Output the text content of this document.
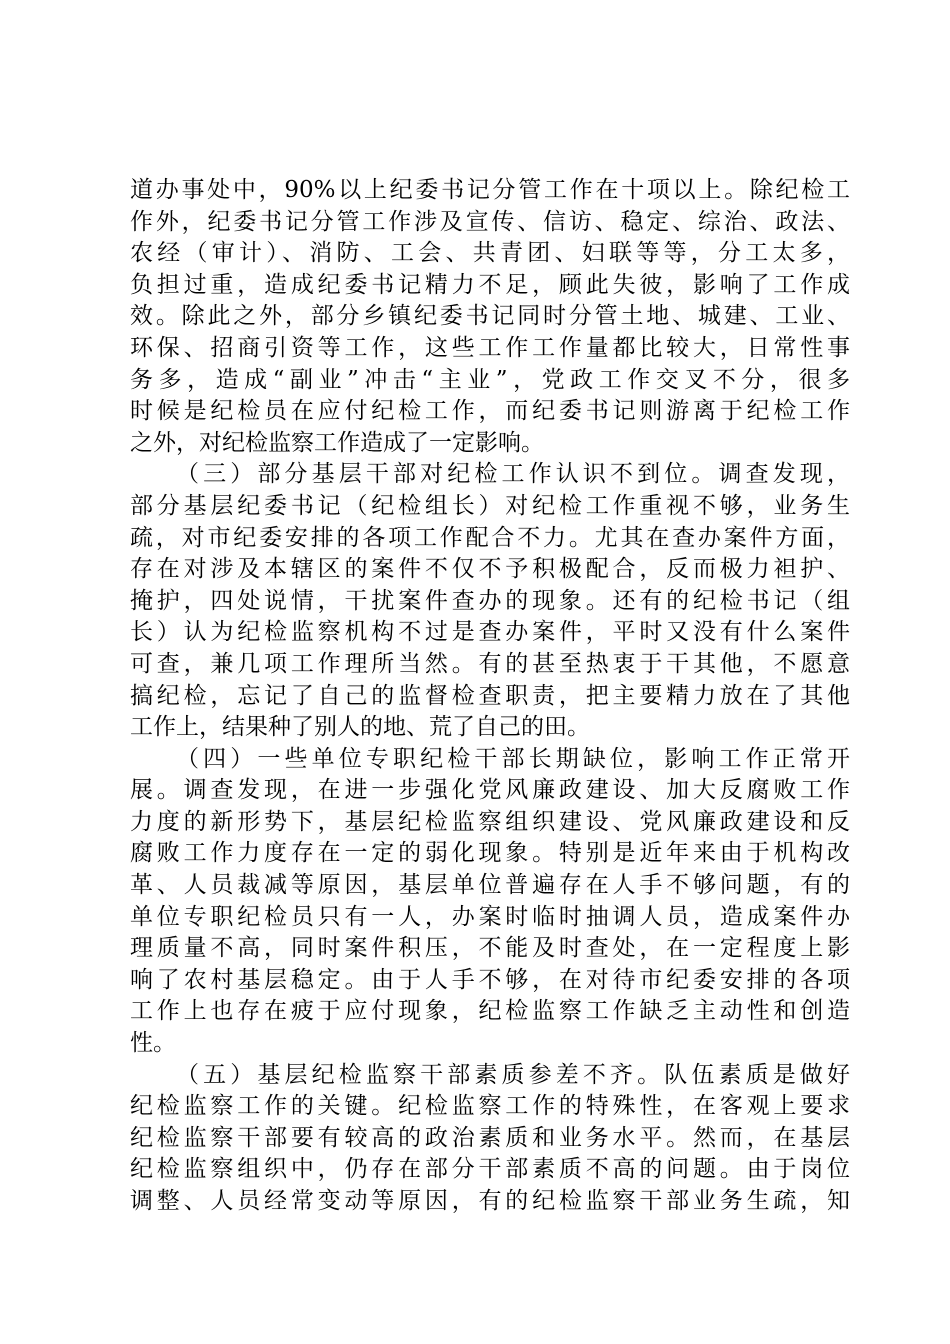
道办事处中，90%以上纪委书记分管工作在十项以上。除纪检工
作外，纪委书记分管工作涉及宣传、信访、稳定、综治、政法、
农经（审计）、消防、工会、共青团、妇联等等，分工太多，
负担过重，造成纪委书记精力不足，顾此失彼，影响了工作成
效。除此之外，部分乡镇纪委书记同时分管土地、城建、工业、
环保、招商引资等工作，这些工作工作量都比较大，日常性事
务多，造成“副业”冲击“主业”，党政工作交叉不分，很多
时候是纪检员在应付纪检工作，而纪委书记则游离于纪检工作
之外，对纪检监察工作造成了一定影响。
（三）部分基层干部对纪检工作认识不到位。调查发现，
部分基层纪委书记（纪检组长）对纪检工作重视不够，业务生
疏，对市纪委安排的各项工作配合不力。尤其在查办案件方面，
存在对涉及本辖区的案件不仅不予积极配合，反而极力袒护、
掩护，四处说情，干扰案件查办的现象。还有的纪检书记（组
长）认为纪检监察机构不过是查办案件，平时又没有什么案件
可查，兼几项工作理所当然。有的甚至热衷于干其他，不愿意
搞纪检，忘记了自己的监督检查职责，把主要精力放在了其他
工作上，结果种了别人的地、荒了自己的田。
（四）一些单位专职纪检干部长期缺位，影响工作正常开
展。调查发现，在进一步强化党风廉政建设、加大反腐败工作
力度的新形势下，基层纪检监察组织建设、党风廉政建设和反
腐败工作力度存在一定的弱化现象。特别是近年来由于机构改
革、人员裁减等原因，基层单位普遍存在人手不够问题，有的
单位专职纪检员只有一人，办案时临时抽调人员，造成案件办
理质量不高，同时案件积压，不能及时查处，在一定程度上影
响了农村基层稳定。由于人手不够，在对待市纪委安排的各项
工作上也存在疲于应付现象，纪检监察工作缺乏主动性和创造
性。
（五）基层纪检监察干部素质参差不齐。队伍素质是做好
纪检监察工作的关键。纪检监察工作的特殊性，在客观上要求
纪检监察干部要有较高的政治素质和业务水平。然而，在基层
纪检监察组织中，仍存在部分干部素质不高的问题。由于岗位
调整、人员经常变动等原因，有的纪检监察干部业务生疏，知
